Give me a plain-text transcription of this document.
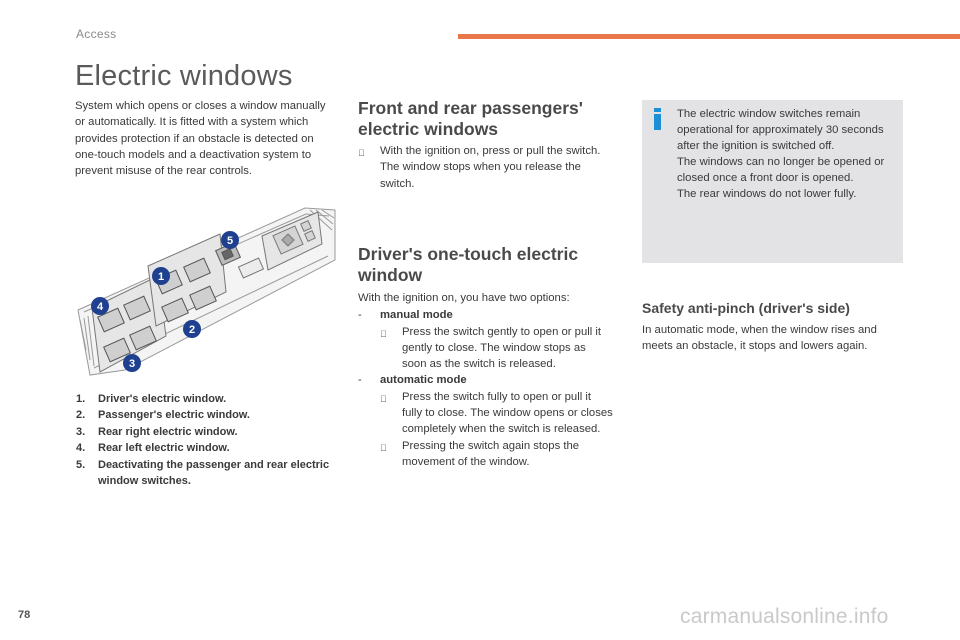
Access
Electric windows

System which opens or closes a window manually or automatically. It is fitted with a system which provides protection if an obstacle is detected on one-touch models and a deactivation system to prevent misuse of the rear controls.

1
2
3
4
5
1.	Driver's electric window.
2.	Passenger's electric window.
3.	Rear right electric window.
4.	Rear left electric window.
5.	Deactivating the passenger and rear electric window switches.
Front and rear passengers' electric windows
With the ignition on, press or pull the switch. The window stops when you release the switch.
Driver's one-touch electric window
With the ignition on, you have two options:
-	manual mode
Press the switch gently to open or pull it gently to close. The window stops as soon as the switch is released.
-	automatic mode
Press the switch fully to open or pull it fully to close. The window opens or closes completely when the switch is released.
Pressing the switch again stops the movement of the window.
The electric window switches remain operational for approximately 30 seconds after the ignition is switched off.
The windows can no longer be opened or closed once a front door is opened.
The rear windows do not lower fully.
Safety anti-pinch (driver's side)

In automatic mode, when the window rises and meets an obstacle, it stops and lowers again.

78	carmanualsonline.info
